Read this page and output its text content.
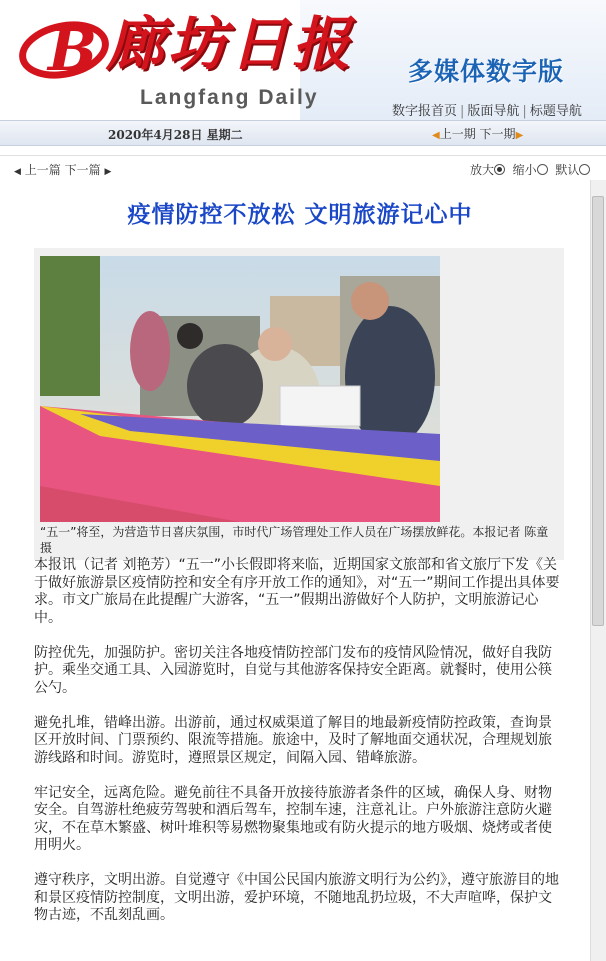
B 廊坊日报
Langfang Daily
多媒体数字版
数字报首页 | 版面导航 | 标题导航
2020年4月28日 星期二	◀上一期 下一期▶
◀ 上一篇 下一篇 ▶	放大 缩小 默认
疫情防控不放松 文明旅游记心中
“五一”将至，为营造节日喜庆氛围，市时代广场管理处工作人员在广场摆放鲜花。本报记者 陈童 摄

本报讯（记者 刘艳芳）“五一”小长假即将来临，近期国家文旅部和省文旅厅下发《关于做好旅游景区疫情防控和安全有序开放工作的通知》，对“五一”期间工作提出具体要求。市文广旅局在此提醒广大游客，“五一”假期出游做好个人防护，文明旅游记心中。

防控优先，加强防护。密切关注各地疫情防控部门发布的疫情风险情况，做好自我防护。乘坐交通工具、入园游览时，自觉与其他游客保持安全距离。就餐时，使用公筷公勺。

避免扎堆，错峰出游。出游前，通过权威渠道了解目的地最新疫情防控政策，查询景区开放时间、门票预约、限流等措施。旅途中，及时了解地面交通状况，合理规划旅游线路和时间。游览时，遵照景区规定，间隔入园、错峰旅游。

牢记安全，远离危险。避免前往不具备开放接待旅游者条件的区域，确保人身、财物安全。自驾游杜绝疲劳驾驶和酒后驾车，控制车速，注意礼让。户外旅游注意防火避灾，不在草木繁盛、树叶堆积等易燃物聚集地或有防火提示的地方吸烟、烧烤或者使用明火。

遵守秩序，文明出游。自觉遵守《中国公民国内旅游文明行为公约》，遵守旅游目的地和景区疫情防控制度，文明出游，爱护环境，不随地乱扔垃圾，不大声喧哗，保护文物古迹，不乱刻乱画。
